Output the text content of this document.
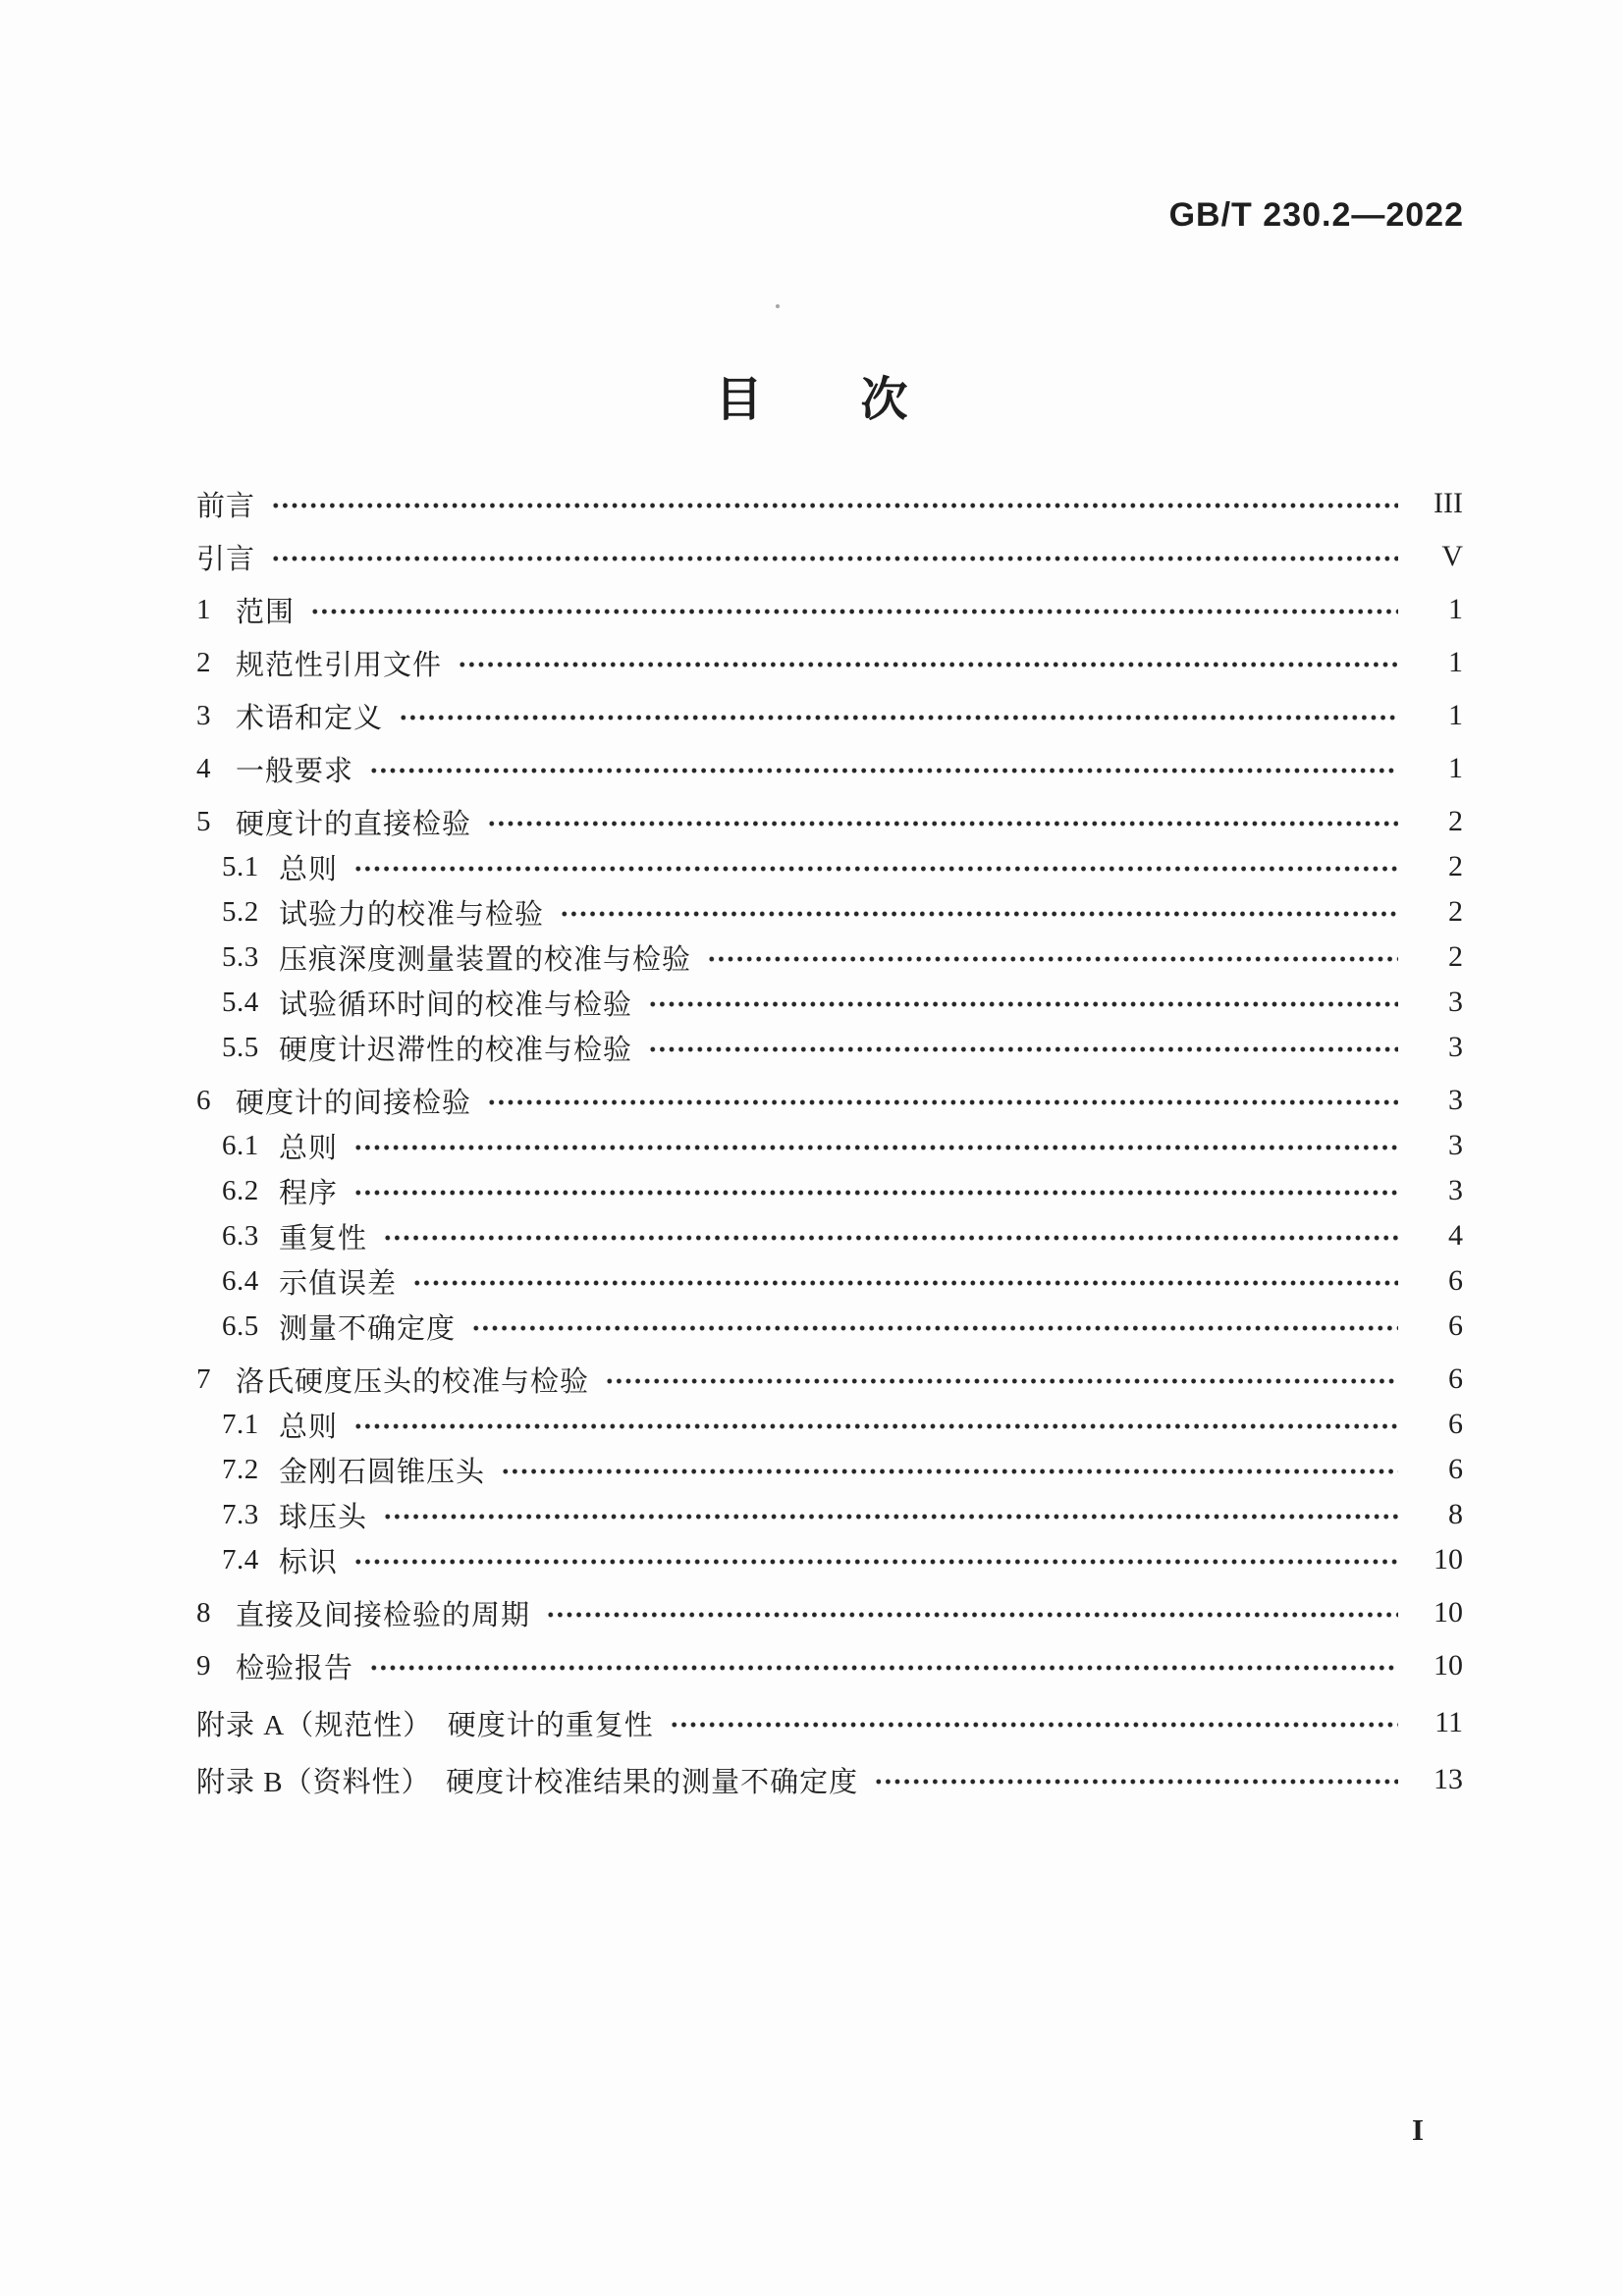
GB/T 230.2—2022
目　次
前言	III
引言	V
1 范围	1
2 规范性引用文件	1
3 术语和定义	1
4 一般要求	1
5 硬度计的直接检验	2
5.1 总则	2
5.2 试验力的校准与检验	2
5.3 压痕深度测量装置的校准与检验	2
5.4 试验循环时间的校准与检验	3
5.5 硬度计迟滞性的校准与检验	3
6 硬度计的间接检验	3
6.1 总则	3
6.2 程序	3
6.3 重复性	4
6.4 示值误差	6
6.5 测量不确定度	6
7 洛氏硬度压头的校准与检验	6
7.1 总则	6
7.2 金刚石圆锥压头	6
7.3 球压头	8
7.4 标识	10
8 直接及间接检验的周期	10
9 检验报告	10
附录 A（规范性）　硬度计的重复性	11
附录 B（资料性）　硬度计校准结果的测量不确定度	13
I
